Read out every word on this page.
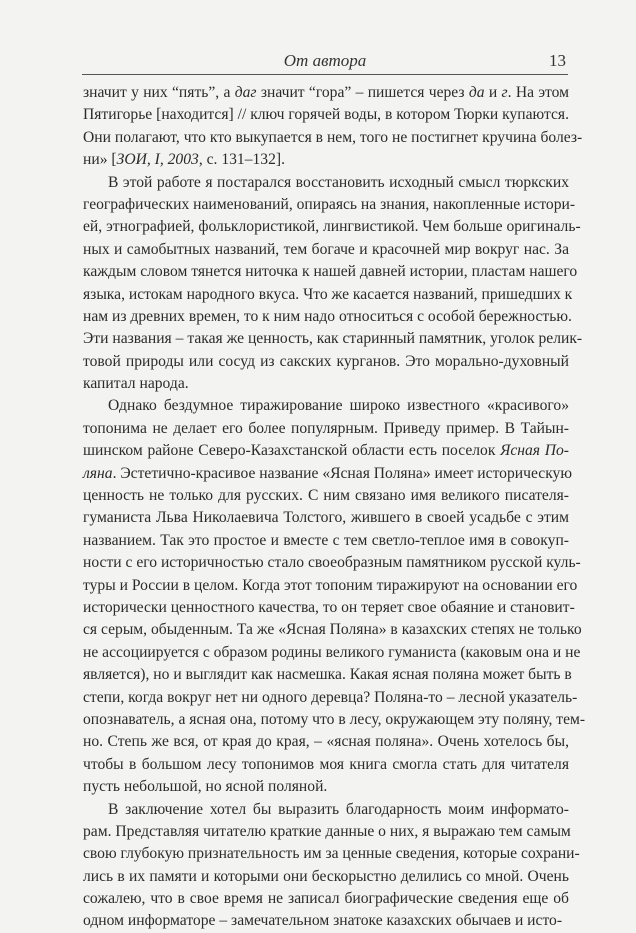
От автора	13
значит у них “пять”, а даг значит “гора” – пишется через да и г. На этом
Пятигорье [находится] // ключ горячей воды, в котором Тюрки купаются.
Они полагают, что кто выкупается в нем, того не постигнет кручина болез-
ни» [ЗОИ, I, 2003, с. 131–132].
В этой работе я постарался восстановить исходный смысл тюркских
географических наименований, опираясь на знания, накопленные истори-
ей, этнографией, фольклористикой, лингвистикой. Чем больше оригиналь-
ных и самобытных названий, тем богаче и красочней мир вокруг нас. За
каждым словом тянется ниточка к нашей давней истории, пластам нашего
языка, истокам народного вкуса. Что же касается названий, пришедших к
нам из древних времен, то к ним надо относиться с особой бережностью.
Эти названия – такая же ценность, как старинный памятник, уголок релик-
товой природы или сосуд из сакских курганов. Это морально-духовный
капитал народа.
Однако бездумное тиражирование широко известного «красивого»
топонима не делает его более популярным. Приведу пример. В Тайын-
шинском районе Северо-Казахстанской области есть поселок Ясная По-
ляна. Эстетично-красивое название «Ясная Поляна» имеет историческую
ценность не только для русских. С ним связано имя великого писателя-
гуманиста Льва Николаевича Толстого, жившего в своей усадьбе с этим
названием. Так это простое и вместе с тем светло-теплое имя в совокуп-
ности с его историчностью стало своеобразным памятником русской куль-
туры и России в целом. Когда этот топоним тиражируют на основании его
исторически ценностного качества, то он теряет свое обаяние и становит-
ся серым, обыденным. Та же «Ясная Поляна» в казахских степях не только
не ассоциируется с образом родины великого гуманиста (каковым она и не
является), но и выглядит как насмешка. Какая ясная поляна может быть в
степи, когда вокруг нет ни одного деревца? Поляна-то – лесной указатель-
опознаватель, а ясная она, потому что в лесу, окружающем эту поляну, тем-
но. Степь же вся, от края до края, – «ясная поляна». Очень хотелось бы,
чтобы в большом лесу топонимов моя книга смогла стать для читателя
пусть небольшой, но ясной поляной.
В заключение хотел бы выразить благодарность моим информато-
рам. Представляя читателю краткие данные о них, я выражаю тем самым
свою глубокую признательность им за ценные сведения, которые сохрани-
лись в их памяти и которыми они бескорыстно делились со мной. Очень
сожалею, что в свое время не записал биографические сведения еще об
одном информаторе – замечательном знатоке казахских обычаев и исто-
